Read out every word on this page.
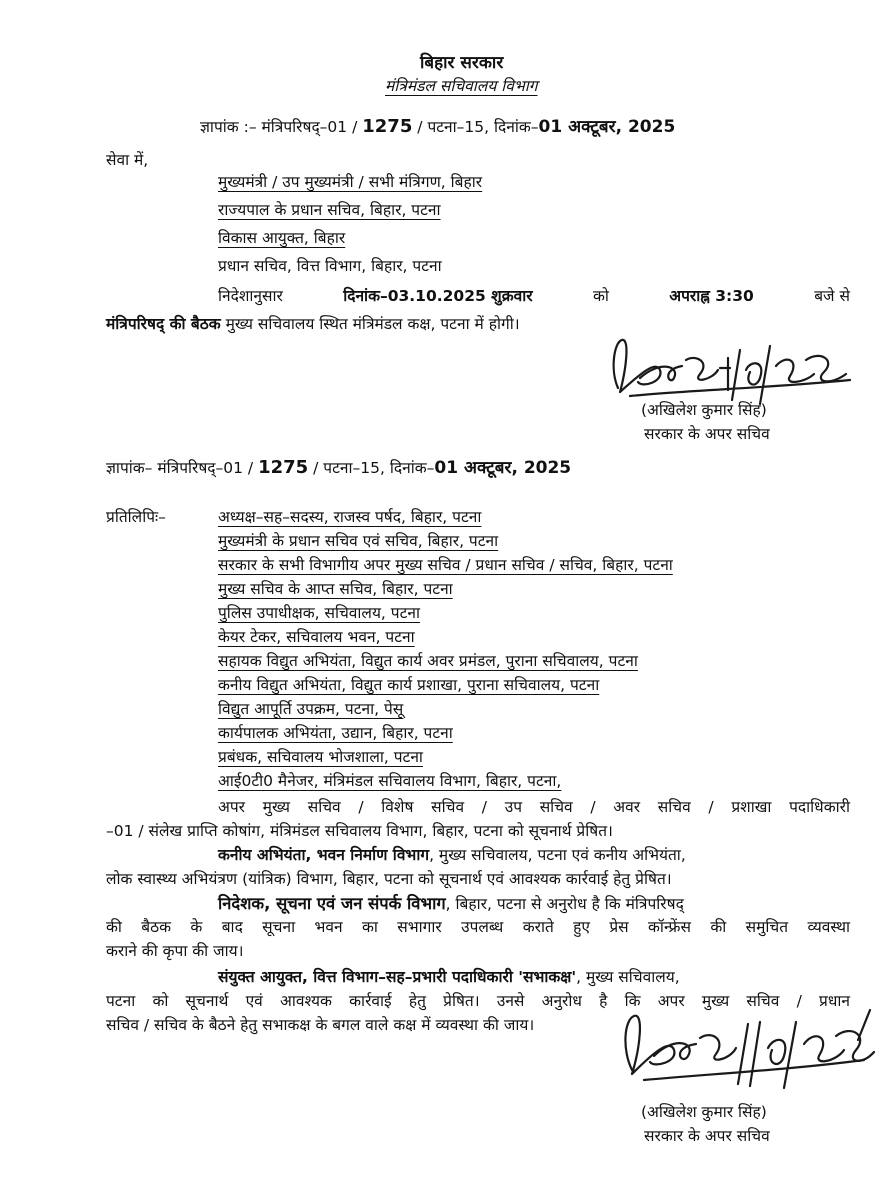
बिहार सरकार
मंत्रिमंडल सचिवालय विभाग
ज्ञापांक :– मंत्रिपरिषद्–01 / 1275 / पटना–15, दिनांक–01 अक्टूबर, 2025
सेवा में,
मुख्यमंत्री / उप मुख्यमंत्री / सभी मंत्रिगण, बिहार
राज्यपाल के प्रधान सचिव, बिहार, पटना
विकास आयुक्त, बिहार
प्रधान सचिव, वित्त विभाग, बिहार, पटना
निदेशानुसार	दिनांक–03.10.2025 शुक्रवार	को	अपराह्न 3:30	बजे से
मंत्रिपरिषद् की बैठक मुख्य सचिवालय स्थित मंत्रिमंडल कक्ष, पटना में होगी।
(अखिलेश कुमार सिंह)
सरकार के अपर सचिव
ज्ञापांक– मंत्रिपरिषद्–01 / 1275 / पटना–15, दिनांक–01 अक्टूबर, 2025
प्रतिलिपिः–	अध्यक्ष–सह–सदस्य, राजस्व पर्षद, बिहार, पटना
मुख्यमंत्री के प्रधान सचिव एवं सचिव, बिहार, पटना
सरकार के सभी विभागीय अपर मुख्य सचिव / प्रधान सचिव / सचिव, बिहार, पटना
मुख्य सचिव के आप्त सचिव, बिहार, पटना
पुलिस उपाधीक्षक, सचिवालय, पटना
केयर टेकर, सचिवालय भवन, पटना
सहायक विद्युत अभियंता, विद्युत कार्य अवर प्रमंडल, पुराना सचिवालय, पटना
कनीय विद्युत अभियंता, विद्युत कार्य प्रशाखा, पुराना सचिवालय, पटना
विद्युत आपूर्ति उपक्रम, पटना, पेसू
कार्यपालक अभियंता, उद्यान, बिहार, पटना
प्रबंधक, सचिवालय भोजशाला, पटना
आई0टी0 मैनेजर, मंत्रिमंडल सचिवालय विभाग, बिहार, पटना,
अपर मुख्य सचिव / विशेष सचिव / उप सचिव / अवर सचिव / प्रशाखा पदाधिकारी
–01 / संलेख प्राप्ति कोषांग, मंत्रिमंडल सचिवालय विभाग, बिहार, पटना को सूचनार्थ प्रेषित।
कनीय अभियंता, भवन निर्माण विभाग, मुख्य सचिवालय, पटना एवं कनीय अभियंता,
लोक स्वास्थ्य अभियंत्रण (यांत्रिक) विभाग, बिहार, पटना को सूचनार्थ एवं आवश्यक कार्रवाई हेतु प्रेषित।
निदेशक, सूचना एवं जन संपर्क विभाग, बिहार, पटना से अनुरोध है कि मंत्रिपरिषद्
की बैठक के बाद सूचना भवन का सभागार उपलब्ध कराते हुए प्रेस कॉन्फ्रेंस की समुचित व्यवस्था
कराने की कृपा की जाय।
संयुक्त आयुक्त, वित्त विभाग–सह–प्रभारी पदाधिकारी 'सभाकक्ष', मुख्य सचिवालय,
पटना को सूचनार्थ एवं आवश्यक कार्रवाई हेतु प्रेषित। उनसे अनुरोध है कि अपर मुख्य सचिव / प्रधान
सचिव / सचिव के बैठने हेतु सभाकक्ष के बगल वाले कक्ष में व्यवस्था की जाय।
(अखिलेश कुमार सिंह)
सरकार के अपर सचिव
